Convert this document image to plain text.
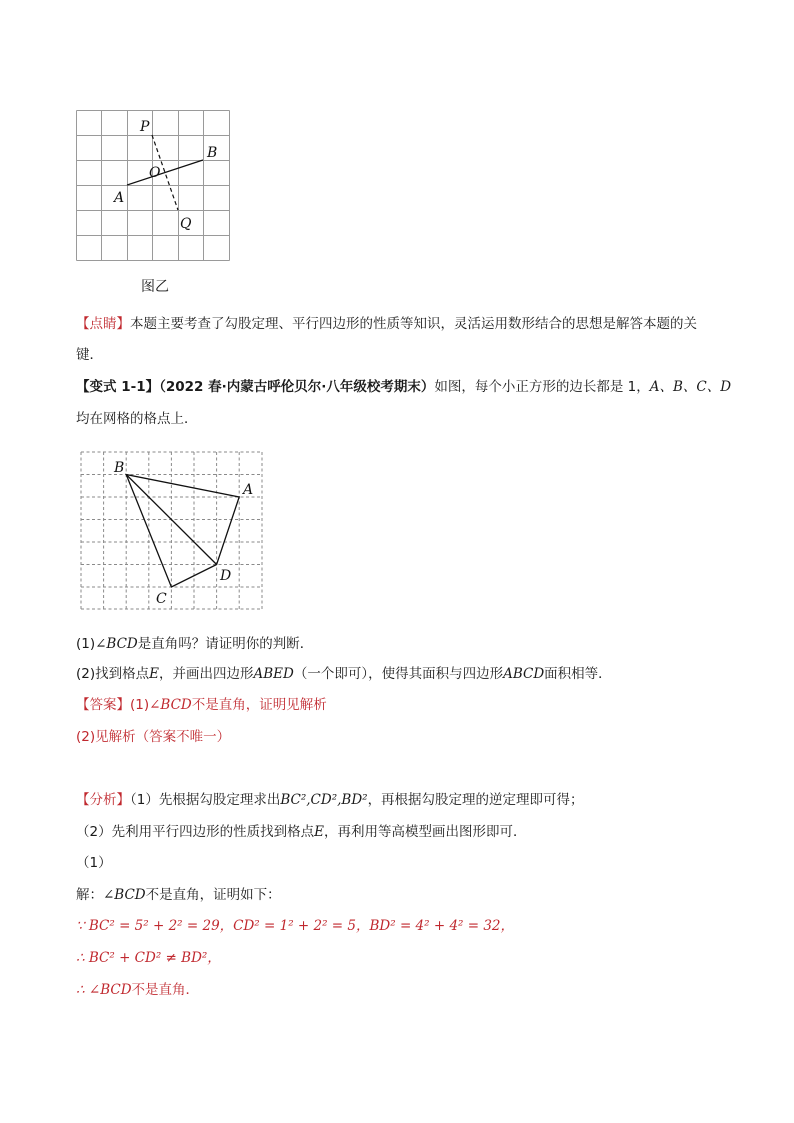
P
B
O
A
Q
图乙
【点睛】本题主要考查了勾股定理、平行四边形的性质等知识，灵活运用数形结合的思想是解答本题的关
键．
【变式 1-1】（2022 春·内蒙古呼伦贝尔·八年级校考期末）如图，每个小正方形的边长都是 1，A、B、C、D
均在网格的格点上．
B
A
D
C
(1)∠BCD是直角吗？请证明你的判断．
(2)找到格点E，并画出四边形ABED（一个即可），使得其面积与四边形ABCD面积相等．
【答案】(1)∠BCD不是直角，证明见解析
(2)见解析（答案不唯一）
【分析】（1）先根据勾股定理求出BC²,CD²,BD²，再根据勾股定理的逆定理即可得；
（2）先利用平行四边形的性质找到格点E，再利用等高模型画出图形即可．
（1）
解：∠BCD不是直角，证明如下：
∵ BC² = 5² + 2² = 29，CD² = 1² + 2² = 5，BD² = 4² + 4² = 32，
∴ BC² + CD² ≠ BD²，
∴ ∠BCD不是直角．
